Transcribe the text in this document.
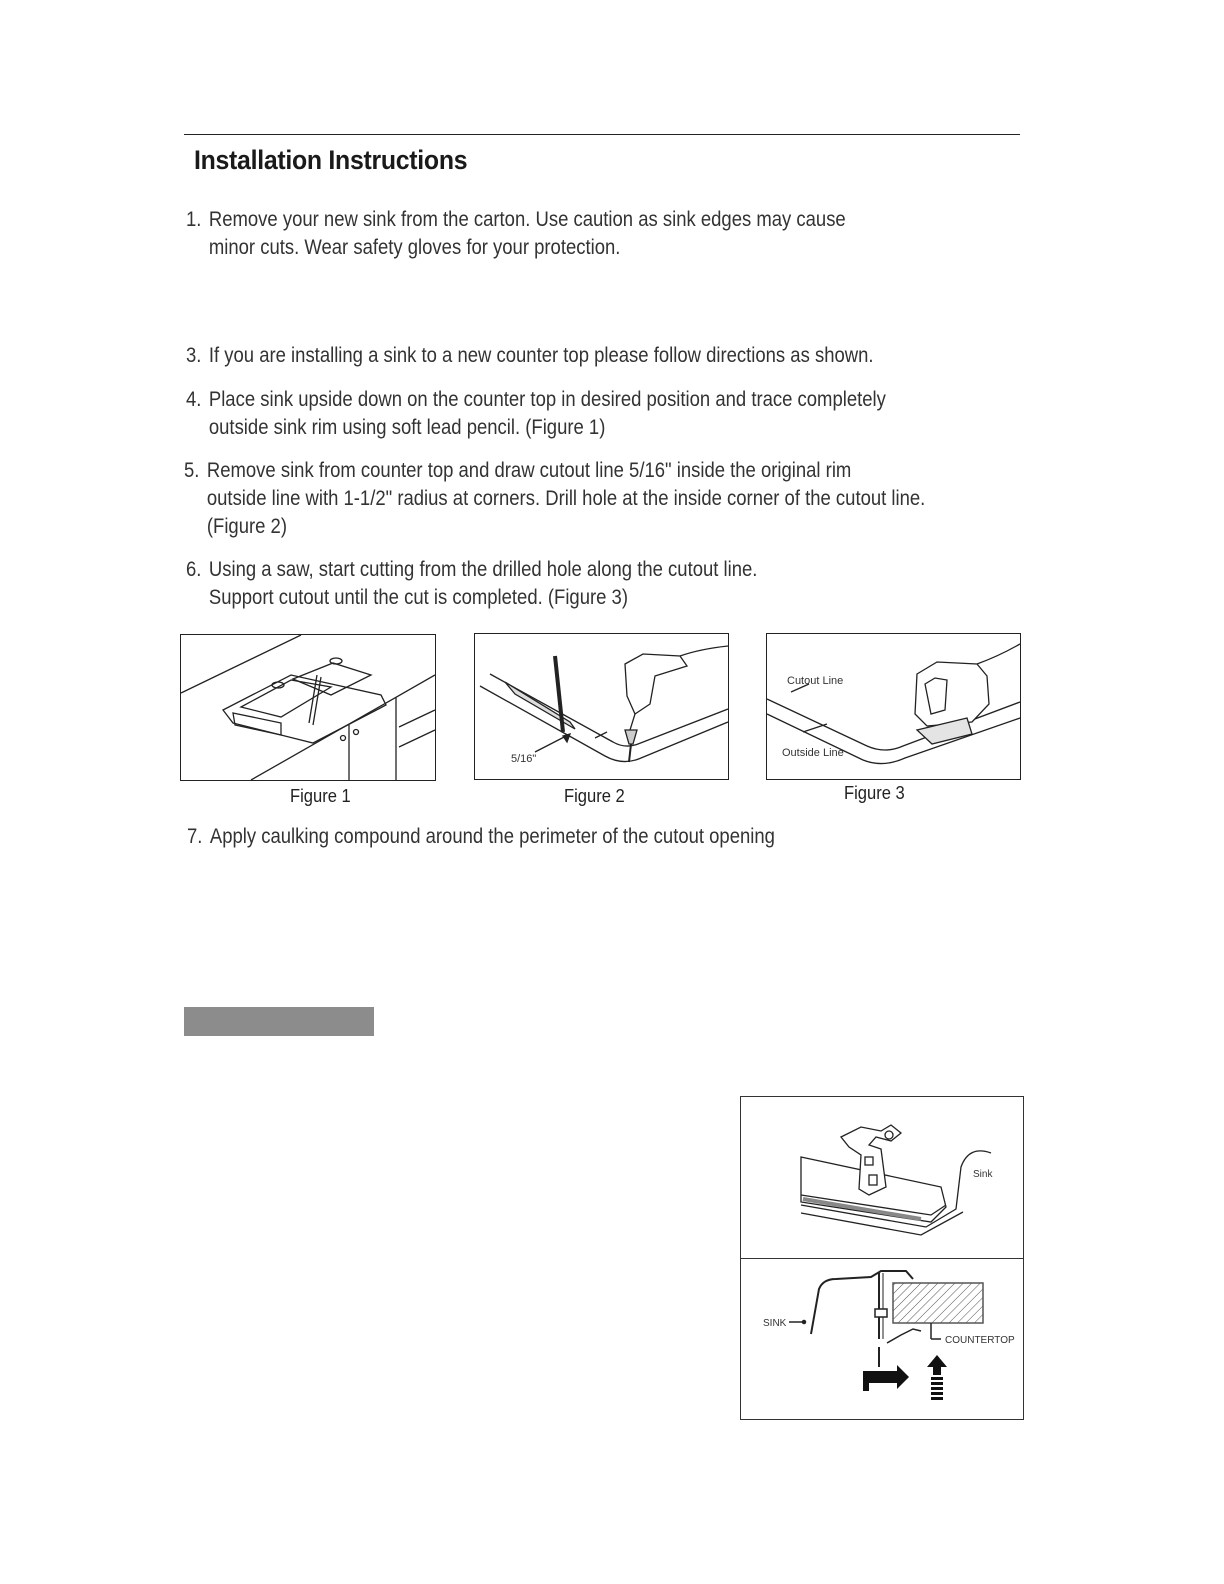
Installation Instructions
1. Remove your new sink from the carton. Use caution as sink edges may cause
minor cuts. Wear safety gloves for your protection.
3. If you are installing a sink to a new counter top please follow directions as shown.
4. Place sink upside down on the counter top in desired position and trace completely
outside sink rim using soft lead pencil. (Figure 1)
5. Remove sink from counter top and draw cutout line 5/16" inside the original rim
outside line with 1-1/2" radius at corners. Drill hole at the inside corner of the cutout line.
(Figure 2)
6. Using a saw, start cutting from the drilled hole along the cutout line.
Support cutout until the cut is completed. (Figure 3)
Figure 1
5/16"
Figure 2
Cutout Line
Outside Line
Figure 3
7. Apply caulking compound around the perimeter of the cutout opening
Sink
SINK
COUNTERTOP
